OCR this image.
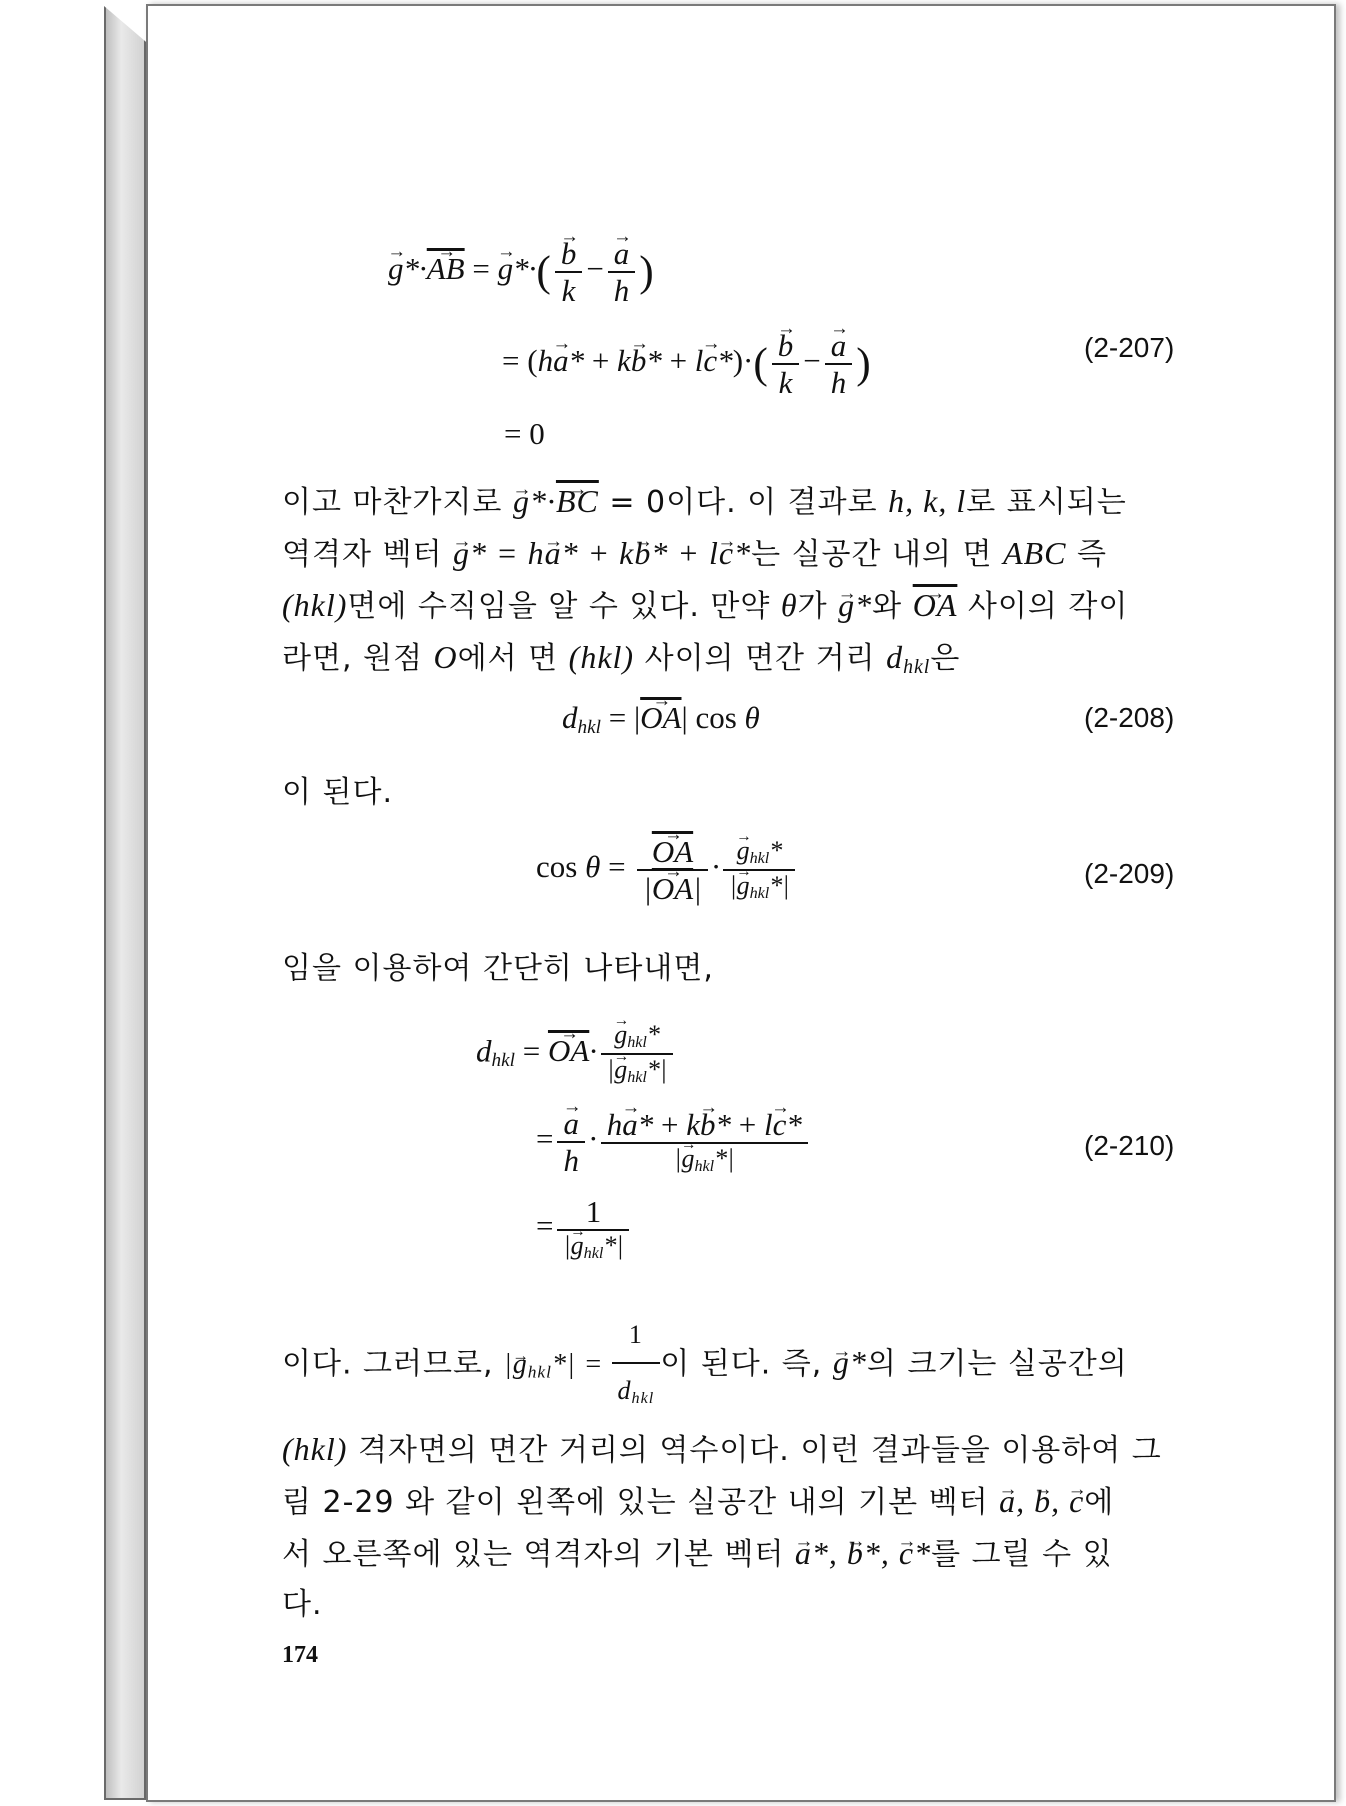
→ $g*\cdot\to \overline{AB}$ = → $g*\cdot( \to \frac{b}{k}$ − → $\frac{a}{h}$ )
= $(h\to a* + k\to b* + l\to c*)\cdot( \to \frac{b}{k}$ − → $\frac{a}{h}$ )
= 0
(2-207)
이고 마찬가지로 → $g*\cdot\to \overline{BC} = 0$이다. 이 결과로 h, k, l로 표시되는
역격자 벡터 → g* = h→ a* + k→ b* + l→ c*는 실공간 내의 면 ABC 즉
(hkl)면에 수직임을 알 수 있다. 만약 θ가 → g*와 → $\overline{OA}$ 사이의 각이
라면, 원점 O에서 면 (hkl) 사이의 면간 거리 $d_{hkl}$은
$d_{hkl}$ = |→ $\overline{OA}|$ cos θ	(2-208)
이 된다.
cos θ = → $\frac{\overline{OA}}{|\to \overline{OA}|}$ · → $\frac{g_{hkl}*}{|\to g_{hkl}*|}$	(2-209)
임을 이용하여 간단히 나타내면,
$d_{hkl}$ = → $\overline{OA}\cdot \to \frac{g_{hkl}*}{|\to g_{hkl}*|}$
= → $\frac{a}{h} \cdot \frac{h\to a* + k\to b* + l\to c*}{|\to g_{hkl}*|}$
= $\frac{1}{|\to g_{hkl}*|}$
(2-210)
이다. 그러므로, |→ $g_{hkl}*| = \frac{1}{d_{hkl}}$ 이 된다. 즉, → g*의 크기는 실공간의
(hkl) 격자면의 면간 거리의 역수이다. 이런 결과들을 이용하여 그
림 2-29 와 같이 왼쪽에 있는 실공간 내의 기본 벡터 → a, → b, → c에
서 오른쪽에 있는 역격자의 기본 벡터 → a*, → b*, → c*를 그릴 수 있
다.
174
